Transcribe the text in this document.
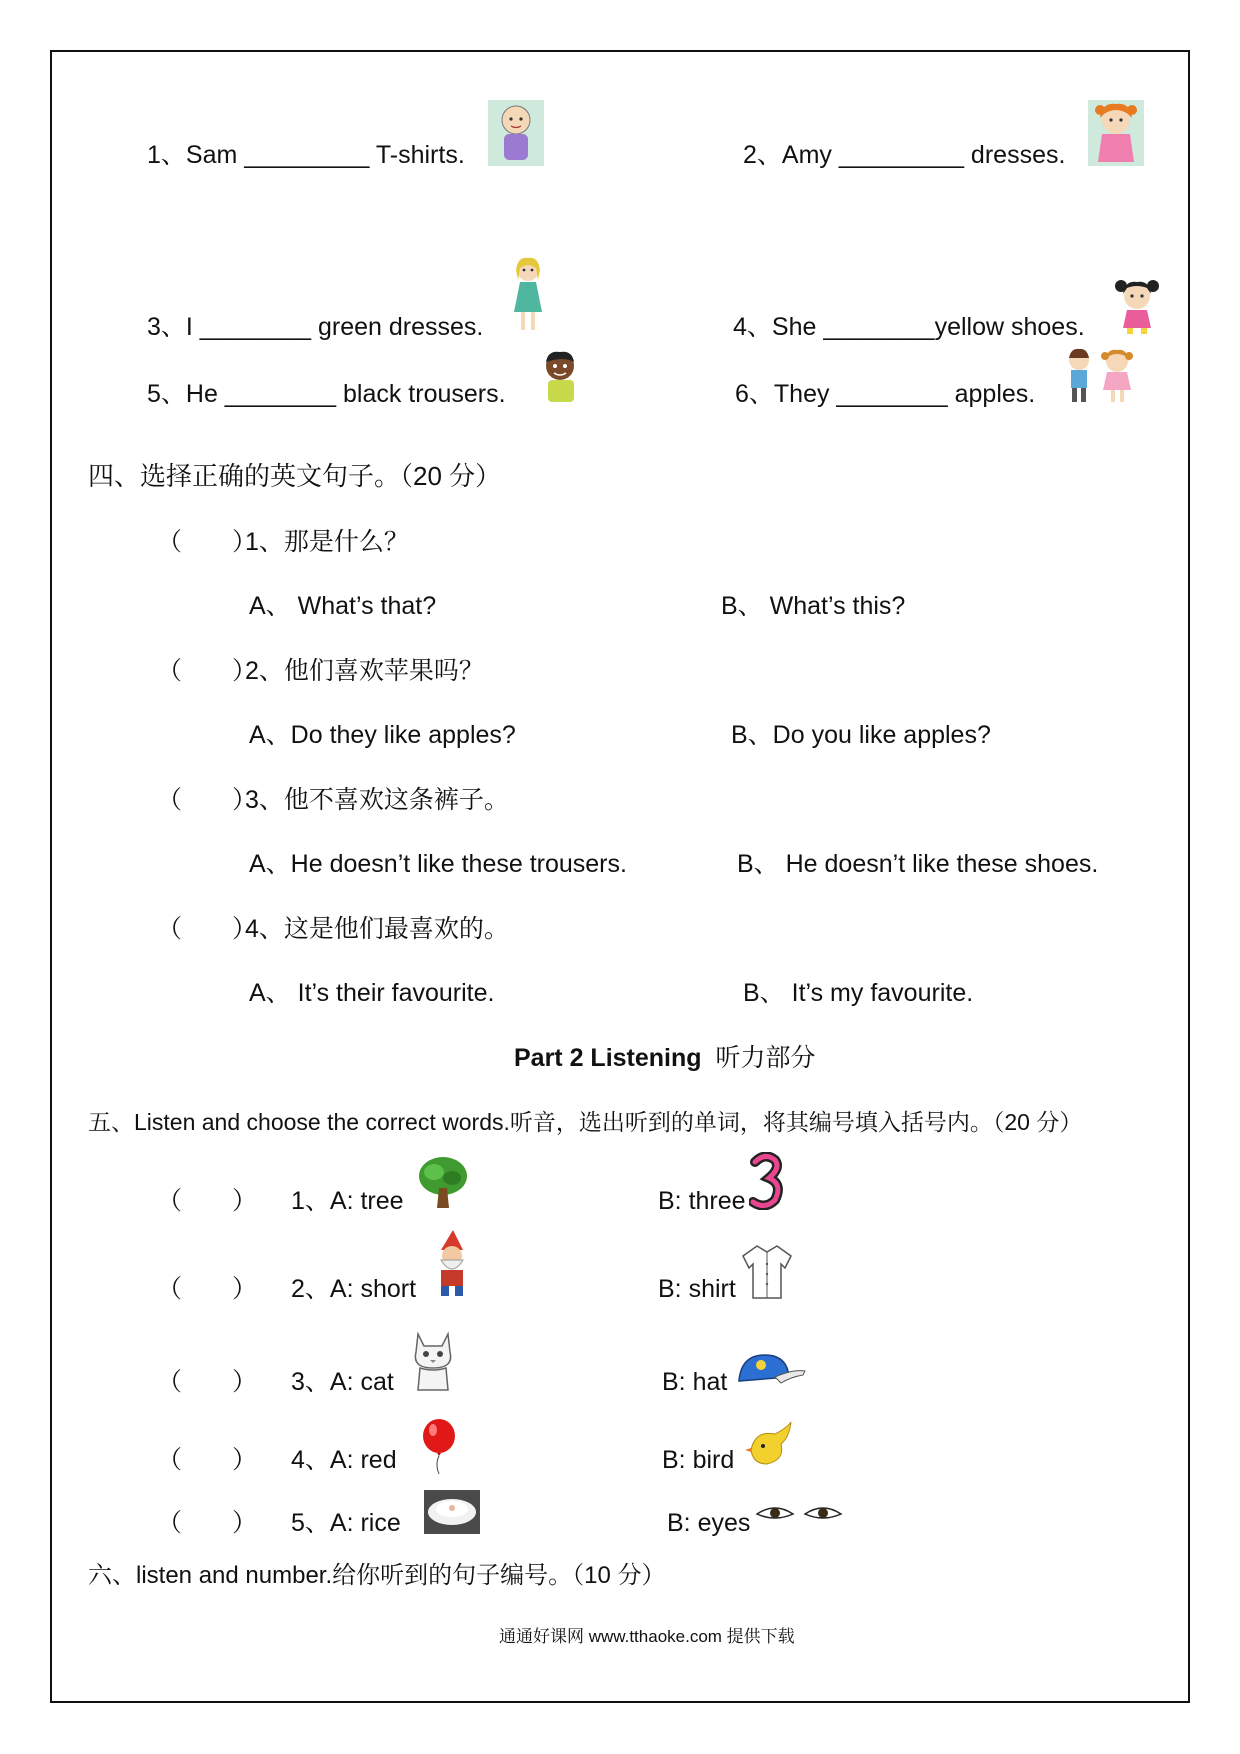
1、Sam _________ T-shirts.	2、Amy _________ dresses.
3、I ________ green dresses.	4、She ________yellow shoes.
5、He ________ black trousers.	6、They ________ apples.
四、选择正确的英文句子。（20 分）
（　　）
1、那是什么？
A、 What’s that?	B、 What’s this?
（　　）
2、他们喜欢苹果吗？
A、Do they like apples?	B、Do you like apples?
（　　）
3、他不喜欢这条裤子。
A、He doesn’t like these trousers.	B、 He doesn’t like these shoes.
（　　）
4、这是他们最喜欢的。
A、 It’s their favourite.	B、 It’s my favourite.
Part 2 Listening 听力部分
五、Listen and choose the correct words.听音，选出听到的单词，将其编号填入括号内。（20 分）
（　　） 1、A: tree	B: three
（　　） 2、A: short	B: shirt
（　　） 3、A: cat	B: hat
（　　） 4、A: red	B: bird
（　　） 5、A: rice	B: eyes
六、listen and number.给你听到的句子编号。（10 分）
通通好课网 www.tthaoke.com 提供下载
